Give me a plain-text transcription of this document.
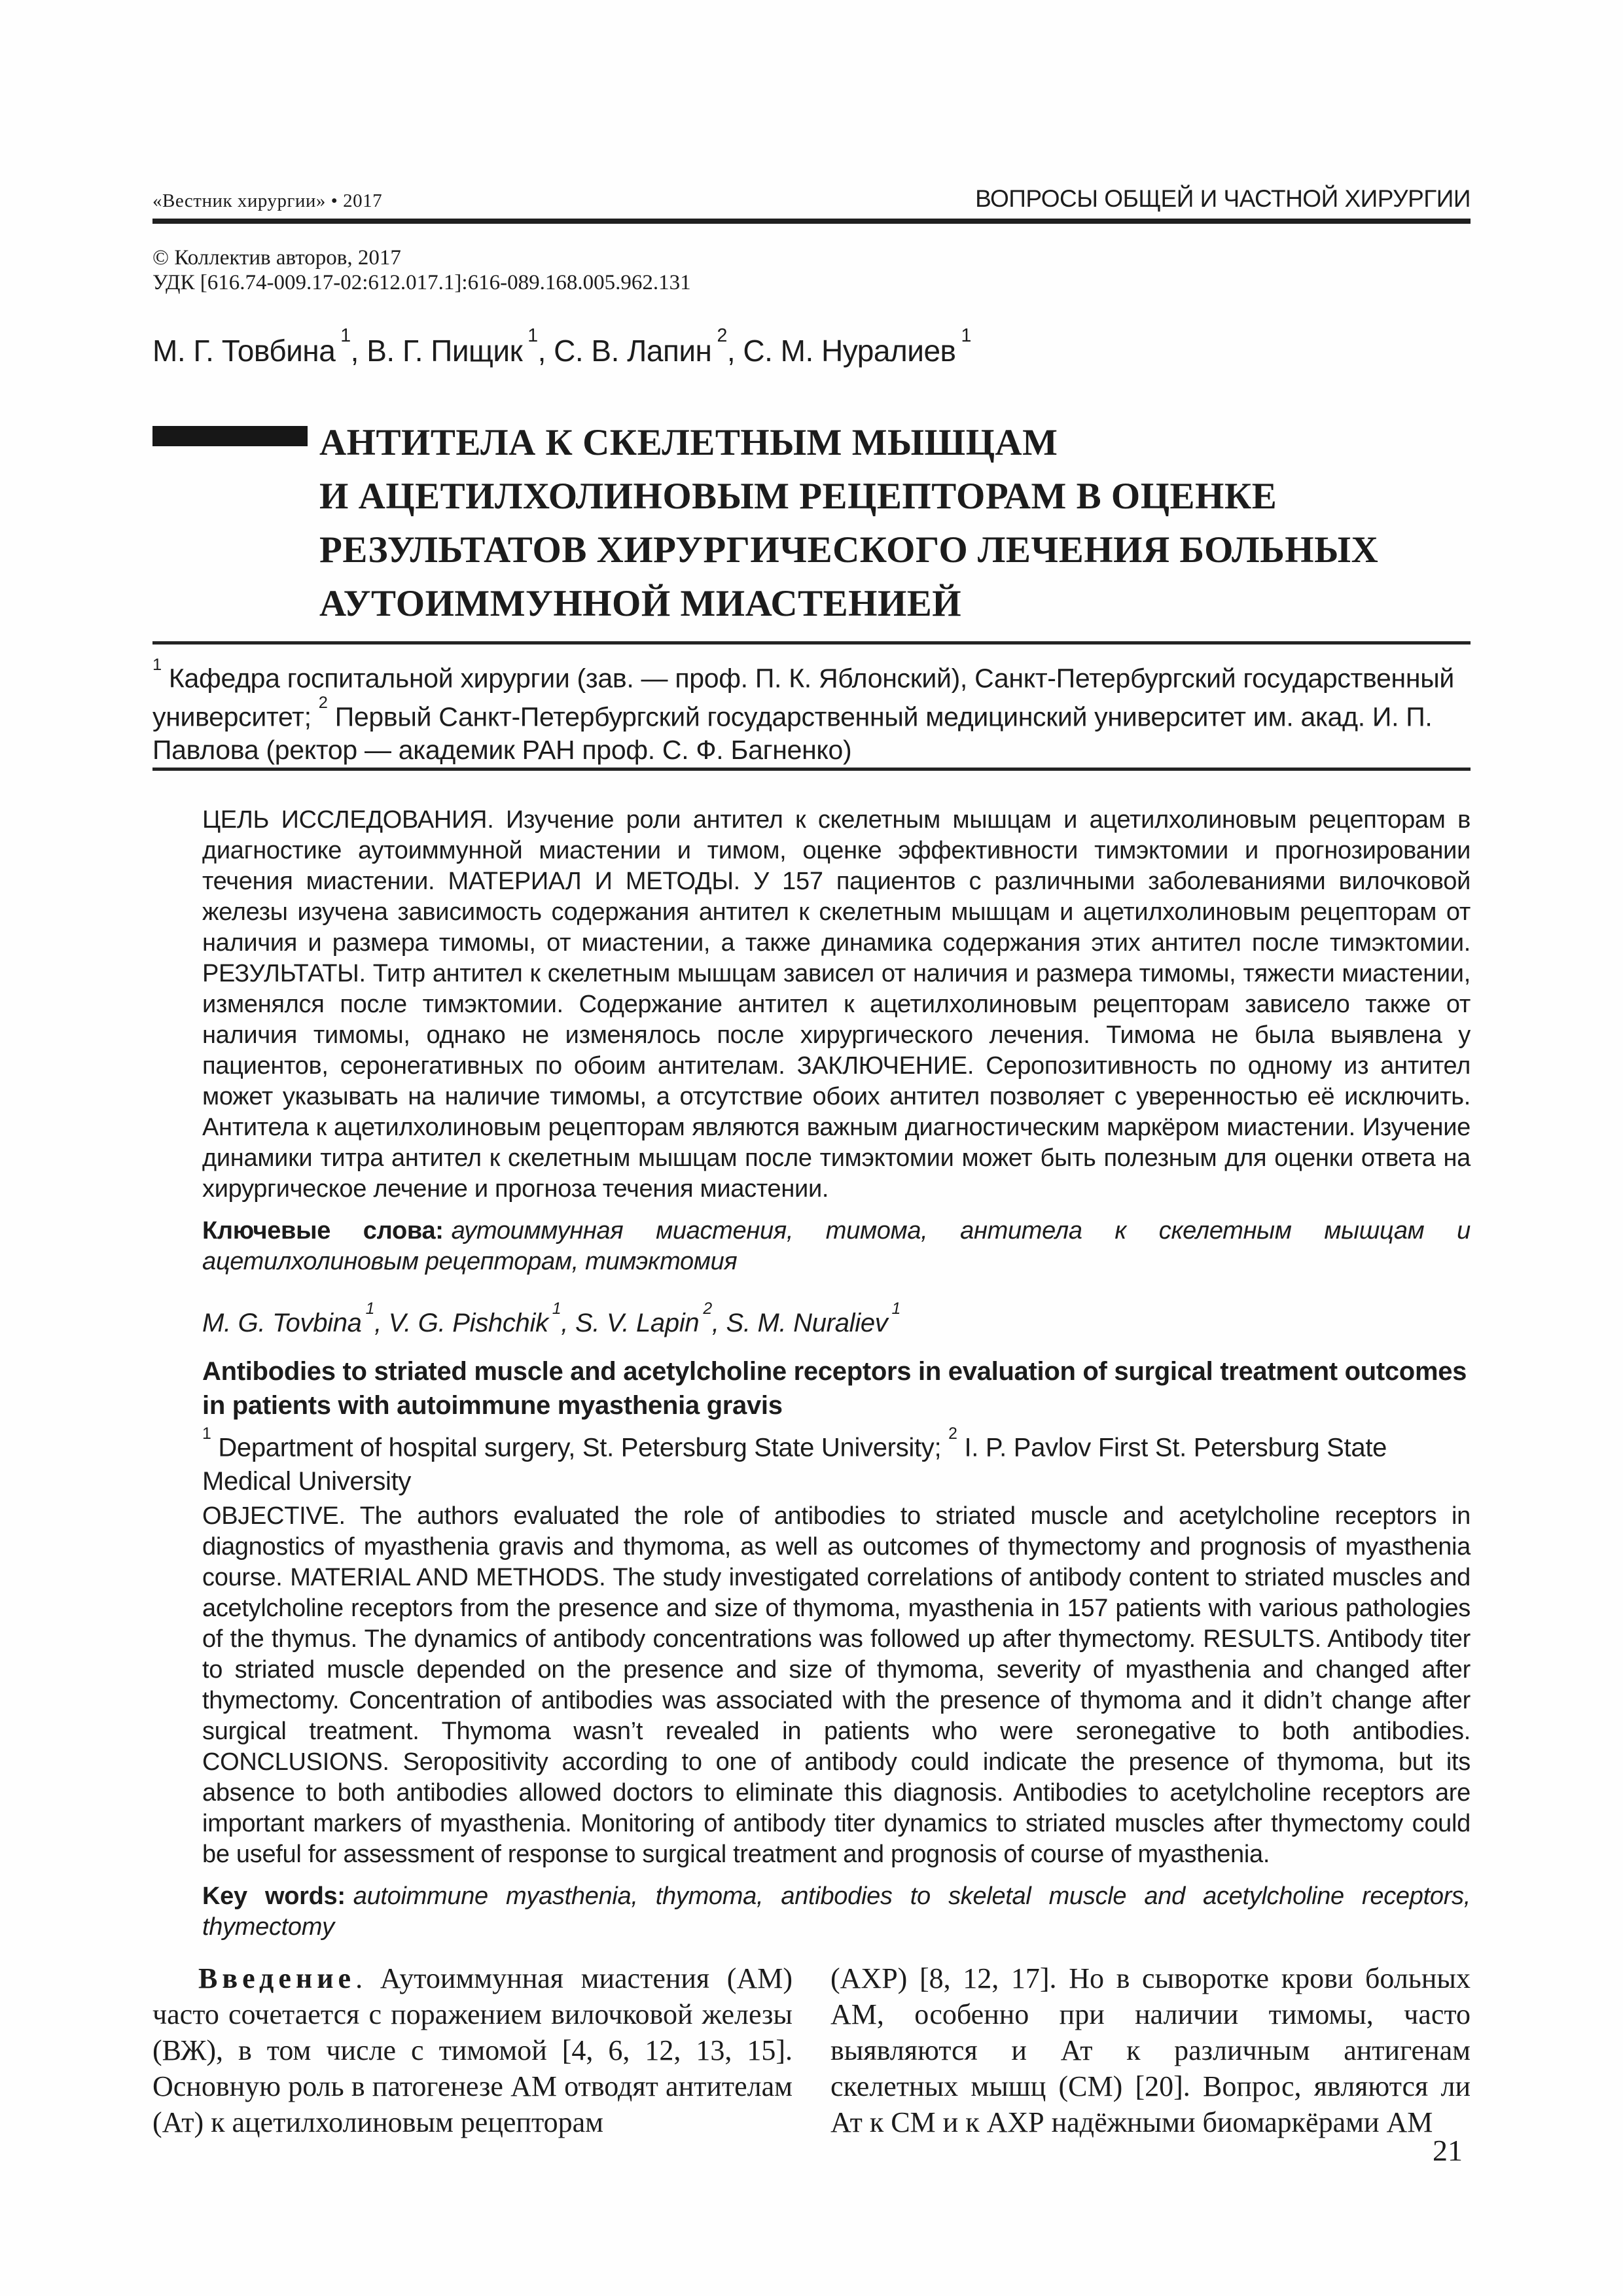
«Вестник хирургии» • 2017	ВОПРОСЫ ОБЩЕЙ И ЧАСТНОЙ ХИРУРГИИ

© Коллектив авторов, 2017

УДК [616.74-009.17-02:612.017.1]:616-089.168.005.962.131

М. Г. Товбина $^1$, В. Г. Пищик $^1$, С. В. Лапин $^2$, С. М. Нуралиев $^1$

АНТИТЕЛА К СКЕЛЕТНЫМ МЫШЦАМ
И АЦЕТИЛХОЛИНОВЫМ РЕЦЕПТОРАМ В ОЦЕНКЕ
РЕЗУЛЬТАТОВ ХИРУРГИЧЕСКОГО ЛЕЧЕНИЯ БОЛЬНЫХ
АУТОИММУННОЙ МИАСТЕНИЕЙ

$^1$ Кафедра госпитальной хирургии (зав. — проф. П. К. Яблонский), Санкт-Петербургский государственный университет; $^2$ Первый Санкт-Петербургский государственный медицинский университет им. акад. И. П. Павлова (ректор — академик РАН проф. С. Ф. Багненко)

ЦЕЛЬ ИССЛЕДОВАНИЯ. Изучение роли антител к скелетным мышцам и ацетилхолиновым рецепторам в диагностике аутоиммунной миастении и тимом, оценке эффективности тимэктомии и прогнозировании течения миастении. МАТЕРИАЛ И МЕТОДЫ. У 157 пациентов с различными заболеваниями вилочковой железы изучена зависимость содержания антител к скелетным мышцам и ацетилхолиновым рецепторам от наличия и размера тимомы, от миастении, а также динамика содержания этих антител после тимэктомии. РЕЗУЛЬТАТЫ. Титр антител к скелетным мышцам зависел от наличия и размера тимомы, тяжести миастении, изменялся после тимэктомии. Содержание антител к ацетилхолиновым рецепторам зависело также от наличия тимомы, однако не изменялось после хирургического лечения. Тимома не была выявлена у пациентов, серонегативных по обоим антителам. ЗАКЛЮЧЕНИЕ. Серопозитивность по одному из антител может указывать на наличие тимомы, а отсутствие обоих антител позволяет с уверенностью её исключить. Антитела к ацетилхолиновым рецепторам являются важным диагностическим маркёром миастении. Изучение динамики титра антител к скелетным мышцам после тимэктомии может быть полезным для оценки ответа на хирургическое лечение и прогноза течения миастении.

Ключевые слова: аутоиммунная миастения, тимома, антитела к скелетным мышцам и ацетилхолиновым рецепторам, тимэктомия

M. G. Tovbina $^1$, V. G. Pishchik $^1$, S. V. Lapin $^2$, S. M. Nuraliev $^1$

Antibodies to striated muscle and acetylcholine receptors in evaluation of surgical treatment outcomes
in patients with autoimmune myasthenia gravis

$^1$ Department of hospital surgery, St. Petersburg State University; $^2$ I. P. Pavlov First St. Petersburg State Medical University

OBJECTIVE. The authors evaluated the role of antibodies to striated muscle and acetylcholine receptors in diagnostics of myasthenia gravis and thymoma, as well as outcomes of thymectomy and prognosis of myasthenia course. MATERIAL AND METHODS. The study investigated correlations of antibody content to striated muscles and acetylcholine receptors from the presence and size of thymoma, myasthenia in 157 patients with various pathologies of the thymus. The dynamics of antibody concentrations was followed up after thymectomy. RESULTS. Antibody titer to striated muscle depended on the presence and size of thymoma, severity of myasthenia and changed after thymectomy. Concentration of antibodies was associated with the presence of thymoma and it didn’t change after surgical treatment. Thymoma wasn’t revealed in patients who were seronegative to both antibodies. CONCLUSIONS. Seropositivity according to one of antibody could indicate the presence of thymoma, but its absence to both antibodies allowed doctors to eliminate this diagnosis. Antibodies to acetylcholine receptors are important markers of myasthenia. Monitoring of antibody titer dynamics to striated muscles after thymectomy could be useful for assessment of response to surgical treatment and prognosis of course of myasthenia.

Key words: autoimmune myasthenia, thymoma, antibodies to skeletal muscle and acetylcholine receptors, thymectomy

Введение. Аутоиммунная миастения (АМ) часто сочетается с поражением вилочковой железы (ВЖ), в том числе с тимомой [4, 6, 12, 13, 15]. Основную роль в патогенезе АМ отводят антителам (Ат) к ацетилхолиновым рецепторам

(АХР) [8, 12, 17]. Но в сыворотке крови больных АМ, особенно при наличии тимомы, часто выявляются и Ат к различным антигенам скелетных мышц (СМ) [20]. Вопрос, являются ли Ат к СМ и к АХР надёжными биомаркёрами АМ

21
